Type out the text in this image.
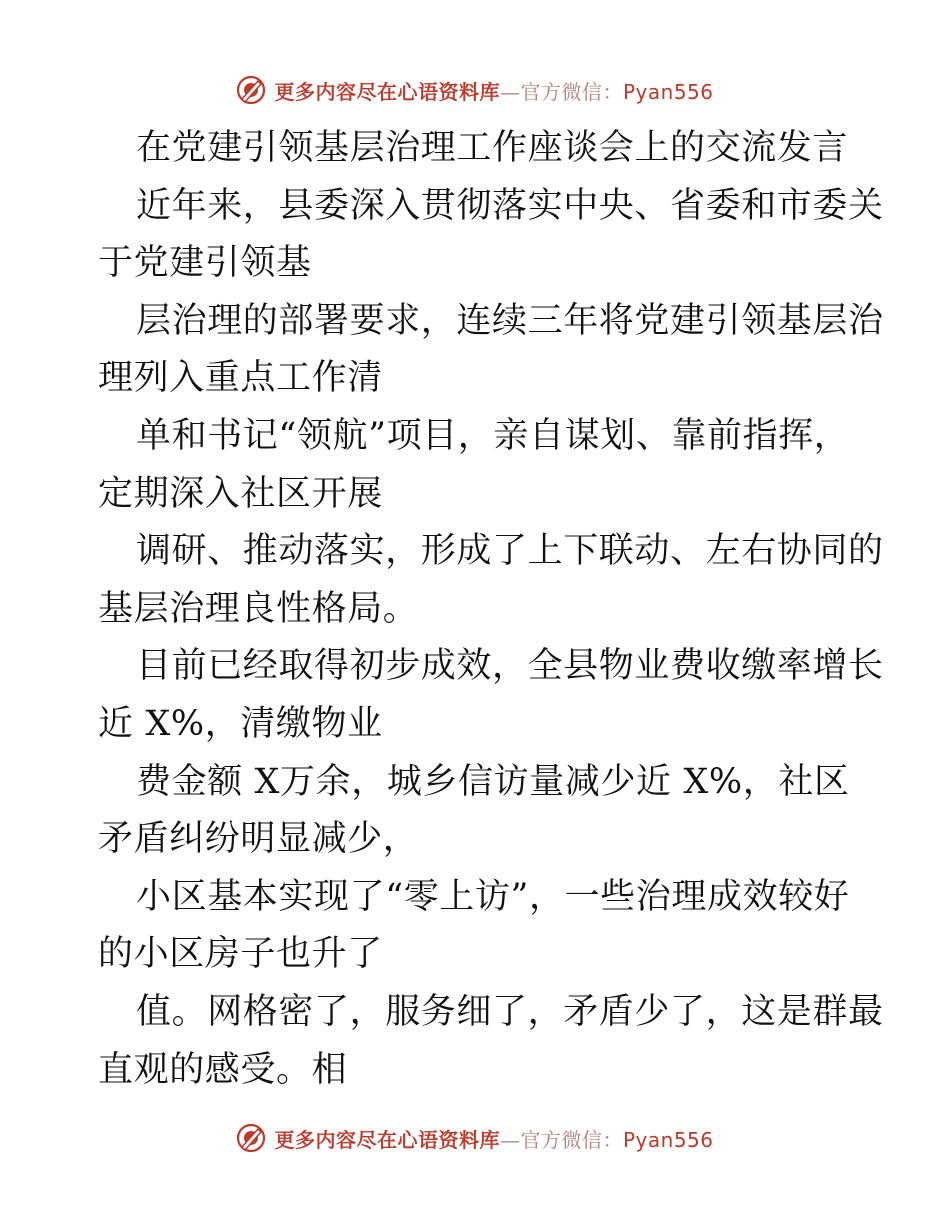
更多内容尽在心语资料库—官方微信：Pyan556
在党建引领基层治理工作座谈会上的交流发言
近年来，县委深入贯彻落实中央、省委和市委关
于党建引领基
层治理的部署要求，连续三年将党建引领基层治
理列入重点工作清
单和书记“领航”项目，亲自谋划、靠前指挥，
定期深入社区开展
调研、推动落实，形成了上下联动、左右协同的
基层治理良性格局。
目前已经取得初步成效，全县物业费收缴率增长
近 X%，清缴物业
费金额 X万余，城乡信访量减少近 X%，社区
矛盾纠纷明显减少，
小区基本实现了“零上访”，一些治理成效较好
的小区房子也升了
值。网格密了，服务细了，矛盾少了，这是群最
直观的感受。相
更多内容尽在心语资料库—官方微信：Pyan556
